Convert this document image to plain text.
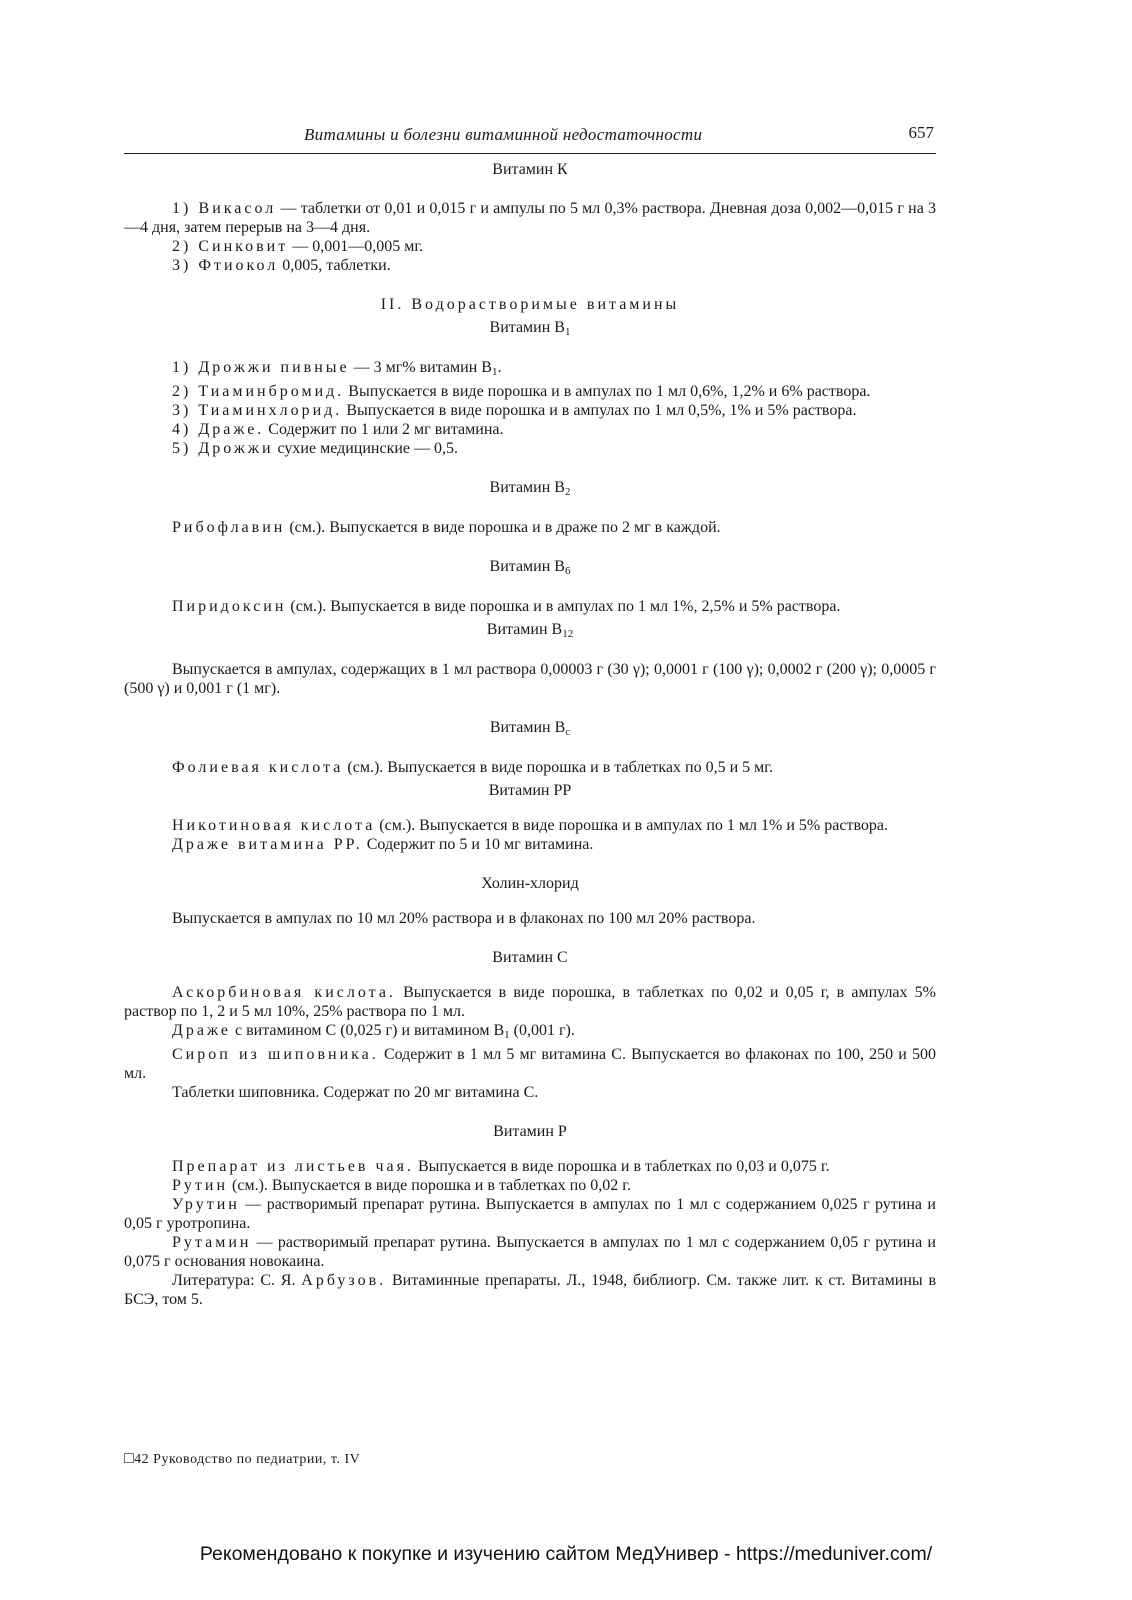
Витамины и болезни витаминной недостаточности	657

Витамин К

1) Викасол — таблетки от 0,01 и 0,015 г и ампулы по 5 мл 0,3% раствора. Дневная доза 0,002—0,015 г на 3—4 дня, затем перерыв на 3—4 дня.

2) Синковит — 0,001—0,005 мг.

3) Фтиокол 0,005, таблетки.

II. Водорастворимые витамины

Витамин $B_1$

1) Дрожжи пивные — 3 мг% витамин $B_1$.

2) Тиаминбромид. Выпускается в виде порошка и в ампулах по 1 мл 0,6%, 1,2% и 6% раствора.

3) Тиаминхлорид. Выпускается в виде порошка и в ампулах по 1 мл 0,5%, 1% и 5% раствора.

4) Драже. Содержит по 1 или 2 мг витамина.

5) Дрожжи сухие медицинские — 0,5.

Витамин $B_2$

Рибофлавин (см.). Выпускается в виде порошка и в драже по 2 мг в каждой.

Витамин $B_6$

Пиридоксин (см.). Выпускается в виде порошка и в ампулах по 1 мл 1%, 2,5% и 5% раствора.

Витамин $B_{12}$

Выпускается в ампулах, содержащих в 1 мл раствора 0,00003 г (30 γ); 0,0001 г (100 γ); 0,0002 г (200 γ); 0,0005 г (500 γ) и 0,001 г (1 мг).

Витамин $B_c$

Фолиевая кислота (см.). Выпускается в виде порошка и в таблетках по 0,5 и 5 мг.

Витамин PP

Никотиновая кислота (см.). Выпускается в виде порошка и в ампулах по 1 мл 1% и 5% раствора.

Драже витамина PP. Содержит по 5 и 10 мг витамина.

Холин-хлорид

Выпускается в ампулах по 10 мл 20% раствора и в флаконах по 100 мл 20% раствора.

Витамин C

Аскорбиновая кислота. Выпускается в виде порошка, в таблетках по 0,02 и 0,05 г, в ампулах 5% раствор по 1, 2 и 5 мл 10%, 25% раствора по 1 мл.

Драже с витамином C (0,025 г) и витамином $B_1$ (0,001 г).

Сироп из шиповника. Содержит в 1 мл 5 мг витамина C. Выпускается во флаконах по 100, 250 и 500 мл.

Таблетки шиповника. Содержат по 20 мг витамина C.

Витамин P

Препарат из листьев чая. Выпускается в виде порошка и в таблетках по 0,03 и 0,075 г.

Рутин (см.). Выпускается в виде порошка и в таблетках по 0,02 г.

Урутин — растворимый препарат рутина. Выпускается в ампулах по 1 мл с содержанием 0,025 г рутина и 0,05 г уротропина.

Рутамин — растворимый препарат рутина. Выпускается в ампулах по 1 мл с содержанием 0,05 г рутина и 0,075 г основания новокаина.

Литература: С. Я. Арбузов. Витаминные препараты. Л., 1948, библиогр. См. также лит. к ст. Витамины в БСЭ, том 5.

□42 Руководство по педиатрии, т. IV
Рекомендовано к покупке и изучению сайтом МедУнивер - https://meduniver.com/
